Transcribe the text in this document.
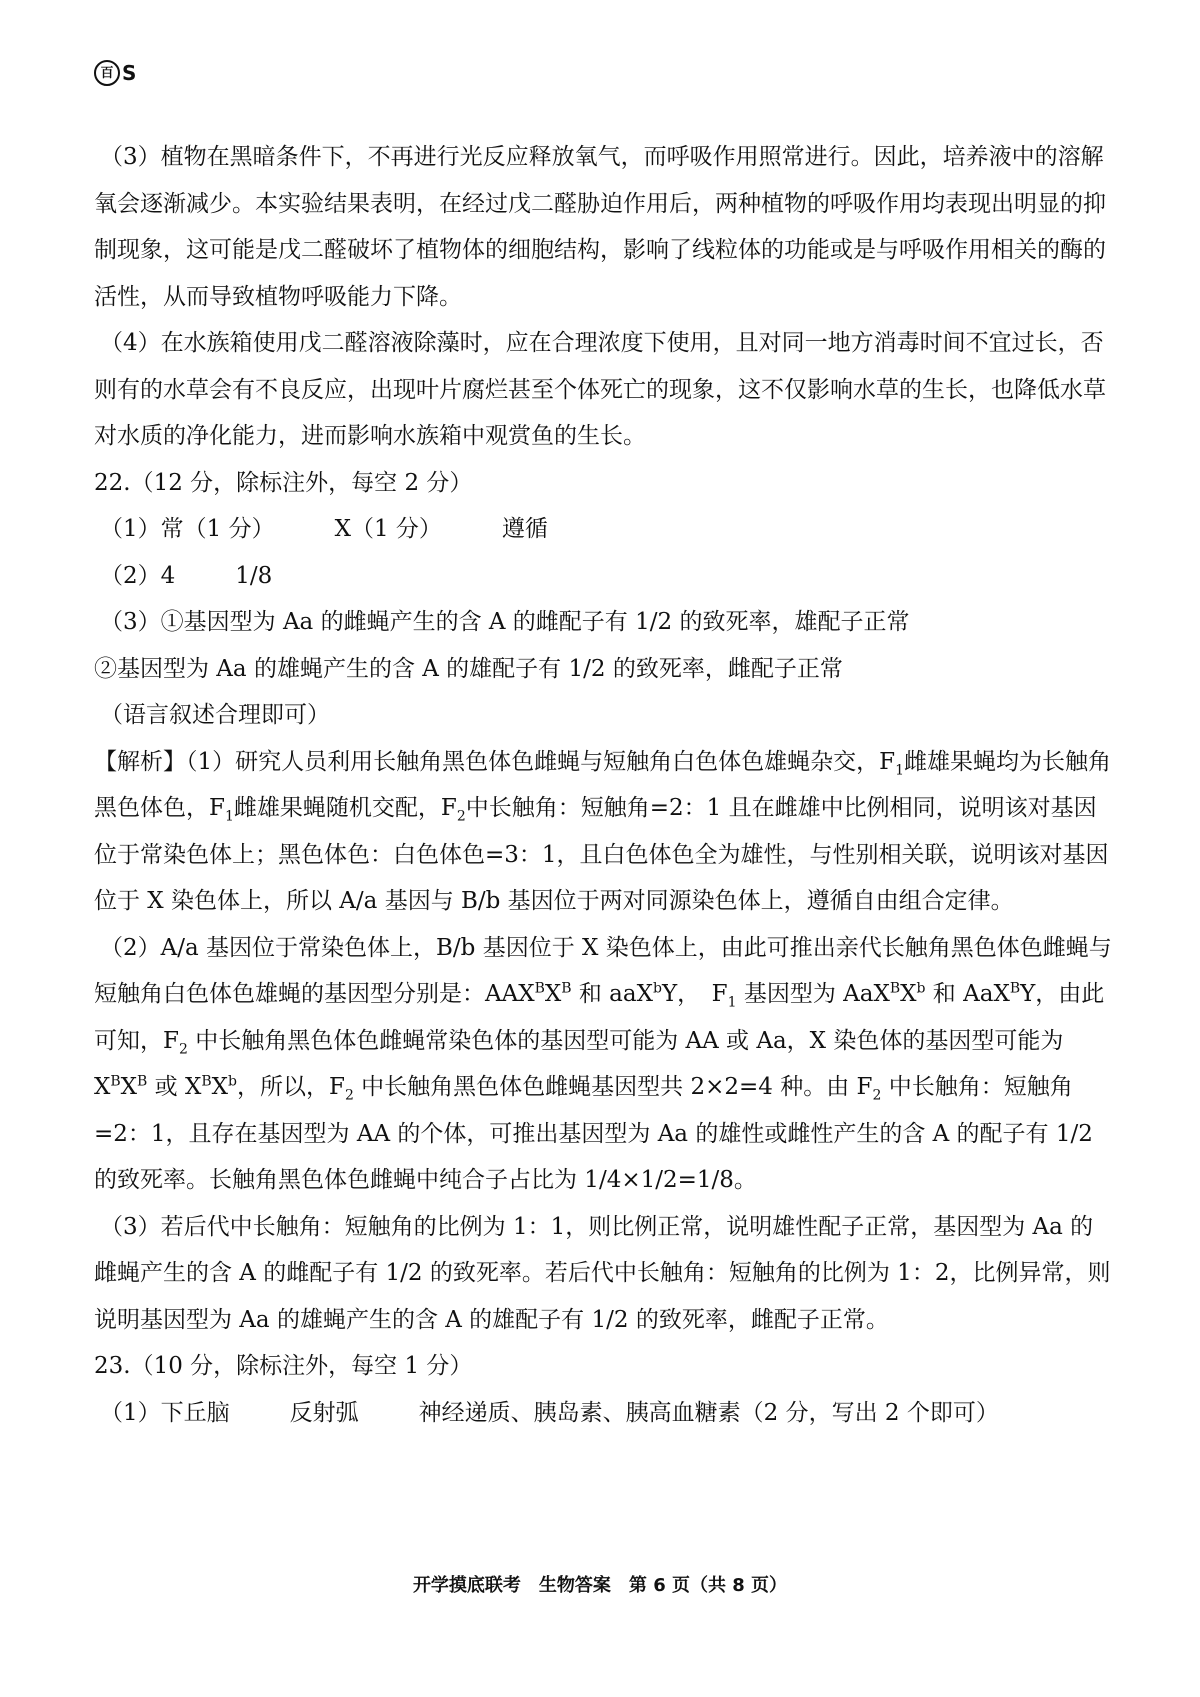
百 S

（3）植物在黑暗条件下，不再进行光反应释放氧气，而呼吸作用照常进行。因此，培养液中的溶解氧会逐渐减少。本实验结果表明，在经过戊二醛胁迫作用后，两种植物的呼吸作用均表现出明显的抑制现象，这可能是戊二醛破坏了植物体的细胞结构，影响了线粒体的功能或是与呼吸作用相关的酶的活性，从而导致植物呼吸能力下降。

（4）在水族箱使用戊二醛溶液除藻时，应在合理浓度下使用，且对同一地方消毒时间不宜过长，否则有的水草会有不良反应，出现叶片腐烂甚至个体死亡的现象，这不仅影响水草的生长，也降低水草对水质的净化能力，进而影响水族箱中观赏鱼的生长。

22.（12 分，除标注外，每空 2 分）

（1）常（1 分）	X（1 分）	遵循

（2）4	1/8

（3）①基因型为 Aa 的雌蝇产生的含 A 的雌配子有 1/2 的致死率，雄配子正常

②基因型为 Aa 的雄蝇产生的含 A 的雄配子有 1/2 的致死率，雌配子正常

（语言叙述合理即可）

【解析】（1）研究人员利用长触角黑色体色雌蝇与短触角白色体色雄蝇杂交，$F_1$雌雄果蝇均为长触角黑色体色，$F_1$雌雄果蝇随机交配，$F_2$中长触角：短触角=2：1 且在雌雄中比例相同，说明该对基因位于常染色体上；黑色体色：白色体色=3：1，且白色体色全为雄性，与性别相关联，说明该对基因位于 X 染色体上，所以 A/a 基因与 B/b 基因位于两对同源染色体上，遵循自由组合定律。

（2）A/a 基因位于常染色体上，B/b 基因位于 X 染色体上，由此可推出亲代长触角黑色体色雌蝇与短触角白色体色雄蝇的基因型分别是：$AAX^BX^B$ 和 aaX$^b$Y，　$F_1$ 基因型为 $AaX^BX^b$ 和 AaX$^B$Y，由此可知，$F_2$ 中长触角黑色体色雌蝇常染色体的基因型可能为 AA 或 Aa，X 染色体的基因型可能为 $X^BX^B$ 或 $X^BX^b$，所以，$F_2$ 中长触角黑色体色雌蝇基因型共 2×2=4 种。由 $F_2$ 中长触角：短触角=2：1，且存在基因型为 AA 的个体，可推出基因型为 Aa 的雄性或雌性产生的含 A 的配子有 1/2 的致死率。长触角黑色体色雌蝇中纯合子占比为 1/4×1/2=1/8。

（3）若后代中长触角：短触角的比例为 1：1，则比例正常，说明雄性配子正常，基因型为 Aa 的雌蝇产生的含 A 的雌配子有 1/2 的致死率。若后代中长触角：短触角的比例为 1：2，比例异常，则说明基因型为 Aa 的雄蝇产生的含 A 的雄配子有 1/2 的致死率，雌配子正常。

23.（10 分，除标注外，每空 1 分）

（1）下丘脑	反射弧	神经递质、胰岛素、胰高血糖素（2 分，写出 2 个即可）

开学摸底联考　生物答案　第 6 页（共 8 页）
